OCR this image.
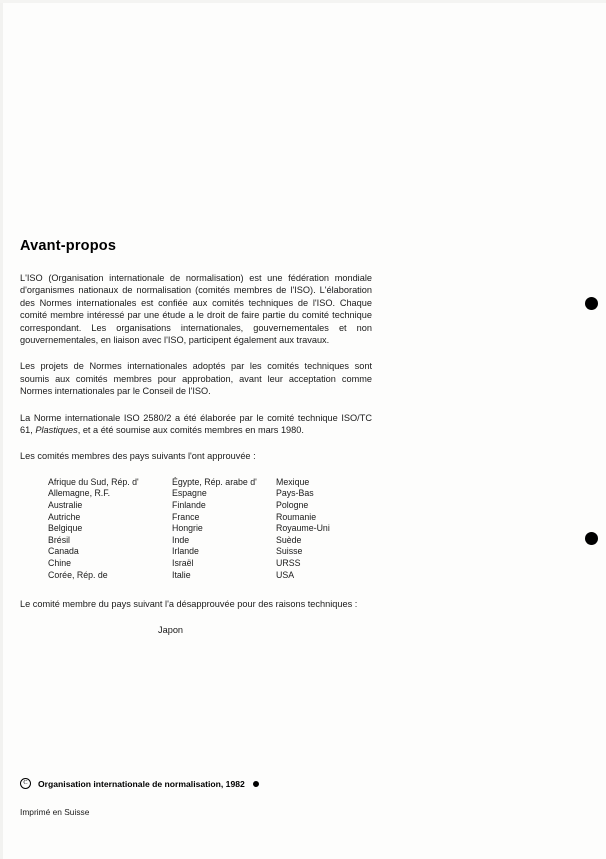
Avant-propos

L'ISO (Organisation internationale de normalisation) est une fédération mondiale d'organismes nationaux de normalisation (comités membres de l'ISO). L'élaboration des Normes internationales est confiée aux comités techniques de l'ISO. Chaque comité membre intéressé par une étude a le droit de faire partie du comité technique correspondant. Les organisations internationales, gouvernementales et non gouvernementales, en liaison avec l'ISO, participent également aux travaux.

Les projets de Normes internationales adoptés par les comités techniques sont soumis aux comités membres pour approbation, avant leur acceptation comme Normes internationales par le Conseil de l'ISO.

La Norme internationale ISO 2580/2 a été élaborée par le comité technique ISO/TC 61, Plastiques, et a été soumise aux comités membres en mars 1980.

Les comités membres des pays suivants l'ont approuvée :

Afrique du Sud, Rép. d'	Égypte, Rép. arabe d'	Mexique
Allemagne, R.F.	Espagne	Pays-Bas
Australie	Finlande	Pologne
Autriche	France	Roumanie
Belgique	Hongrie	Royaume-Uni
Brésil	Inde	Suède
Canada	Irlande	Suisse
Chine	Israël	URSS
Corée, Rép. de	Italie	USA

Le comité membre du pays suivant l'a désapprouvée pour des raisons techniques :

Japon

C	Organisation internationale de normalisation, 1982
Imprimé en Suisse
